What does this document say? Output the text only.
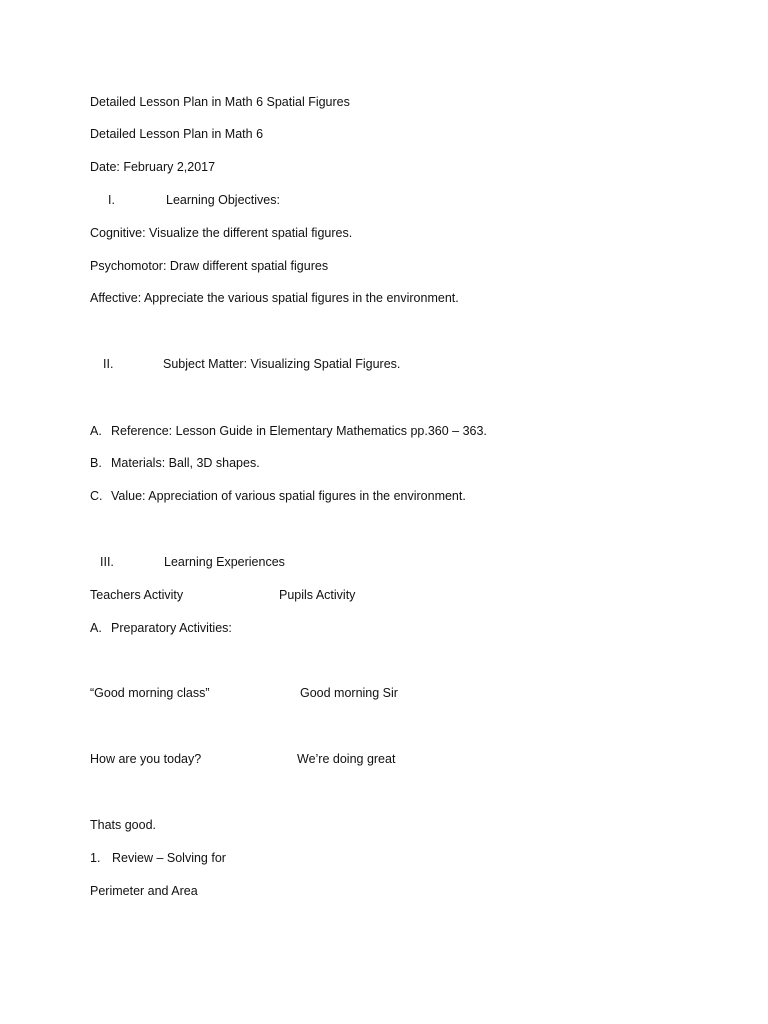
Detailed Lesson Plan in Math 6 Spatial Figures
Detailed Lesson Plan in Math 6
Date: February 2,2017
I.	Learning Objectives:
Cognitive: Visualize the different spatial figures.
Psychomotor: Draw different spatial figures
Affective: Appreciate the various spatial figures in the environment.
II.	Subject Matter: Visualizing Spatial Figures.
A. Reference: Lesson Guide in Elementary Mathematics pp.360 – 363.
B. Materials: Ball, 3D shapes.
C. Value: Appreciation of various spatial figures in the environment.
III.	Learning Experiences
Teachers Activity	Pupils Activity
A. Preparatory Activities:
“Good morning class”	Good morning Sir
How are you today?	We’re doing great
Thats good.
1. Review – Solving for
Perimeter and Area
